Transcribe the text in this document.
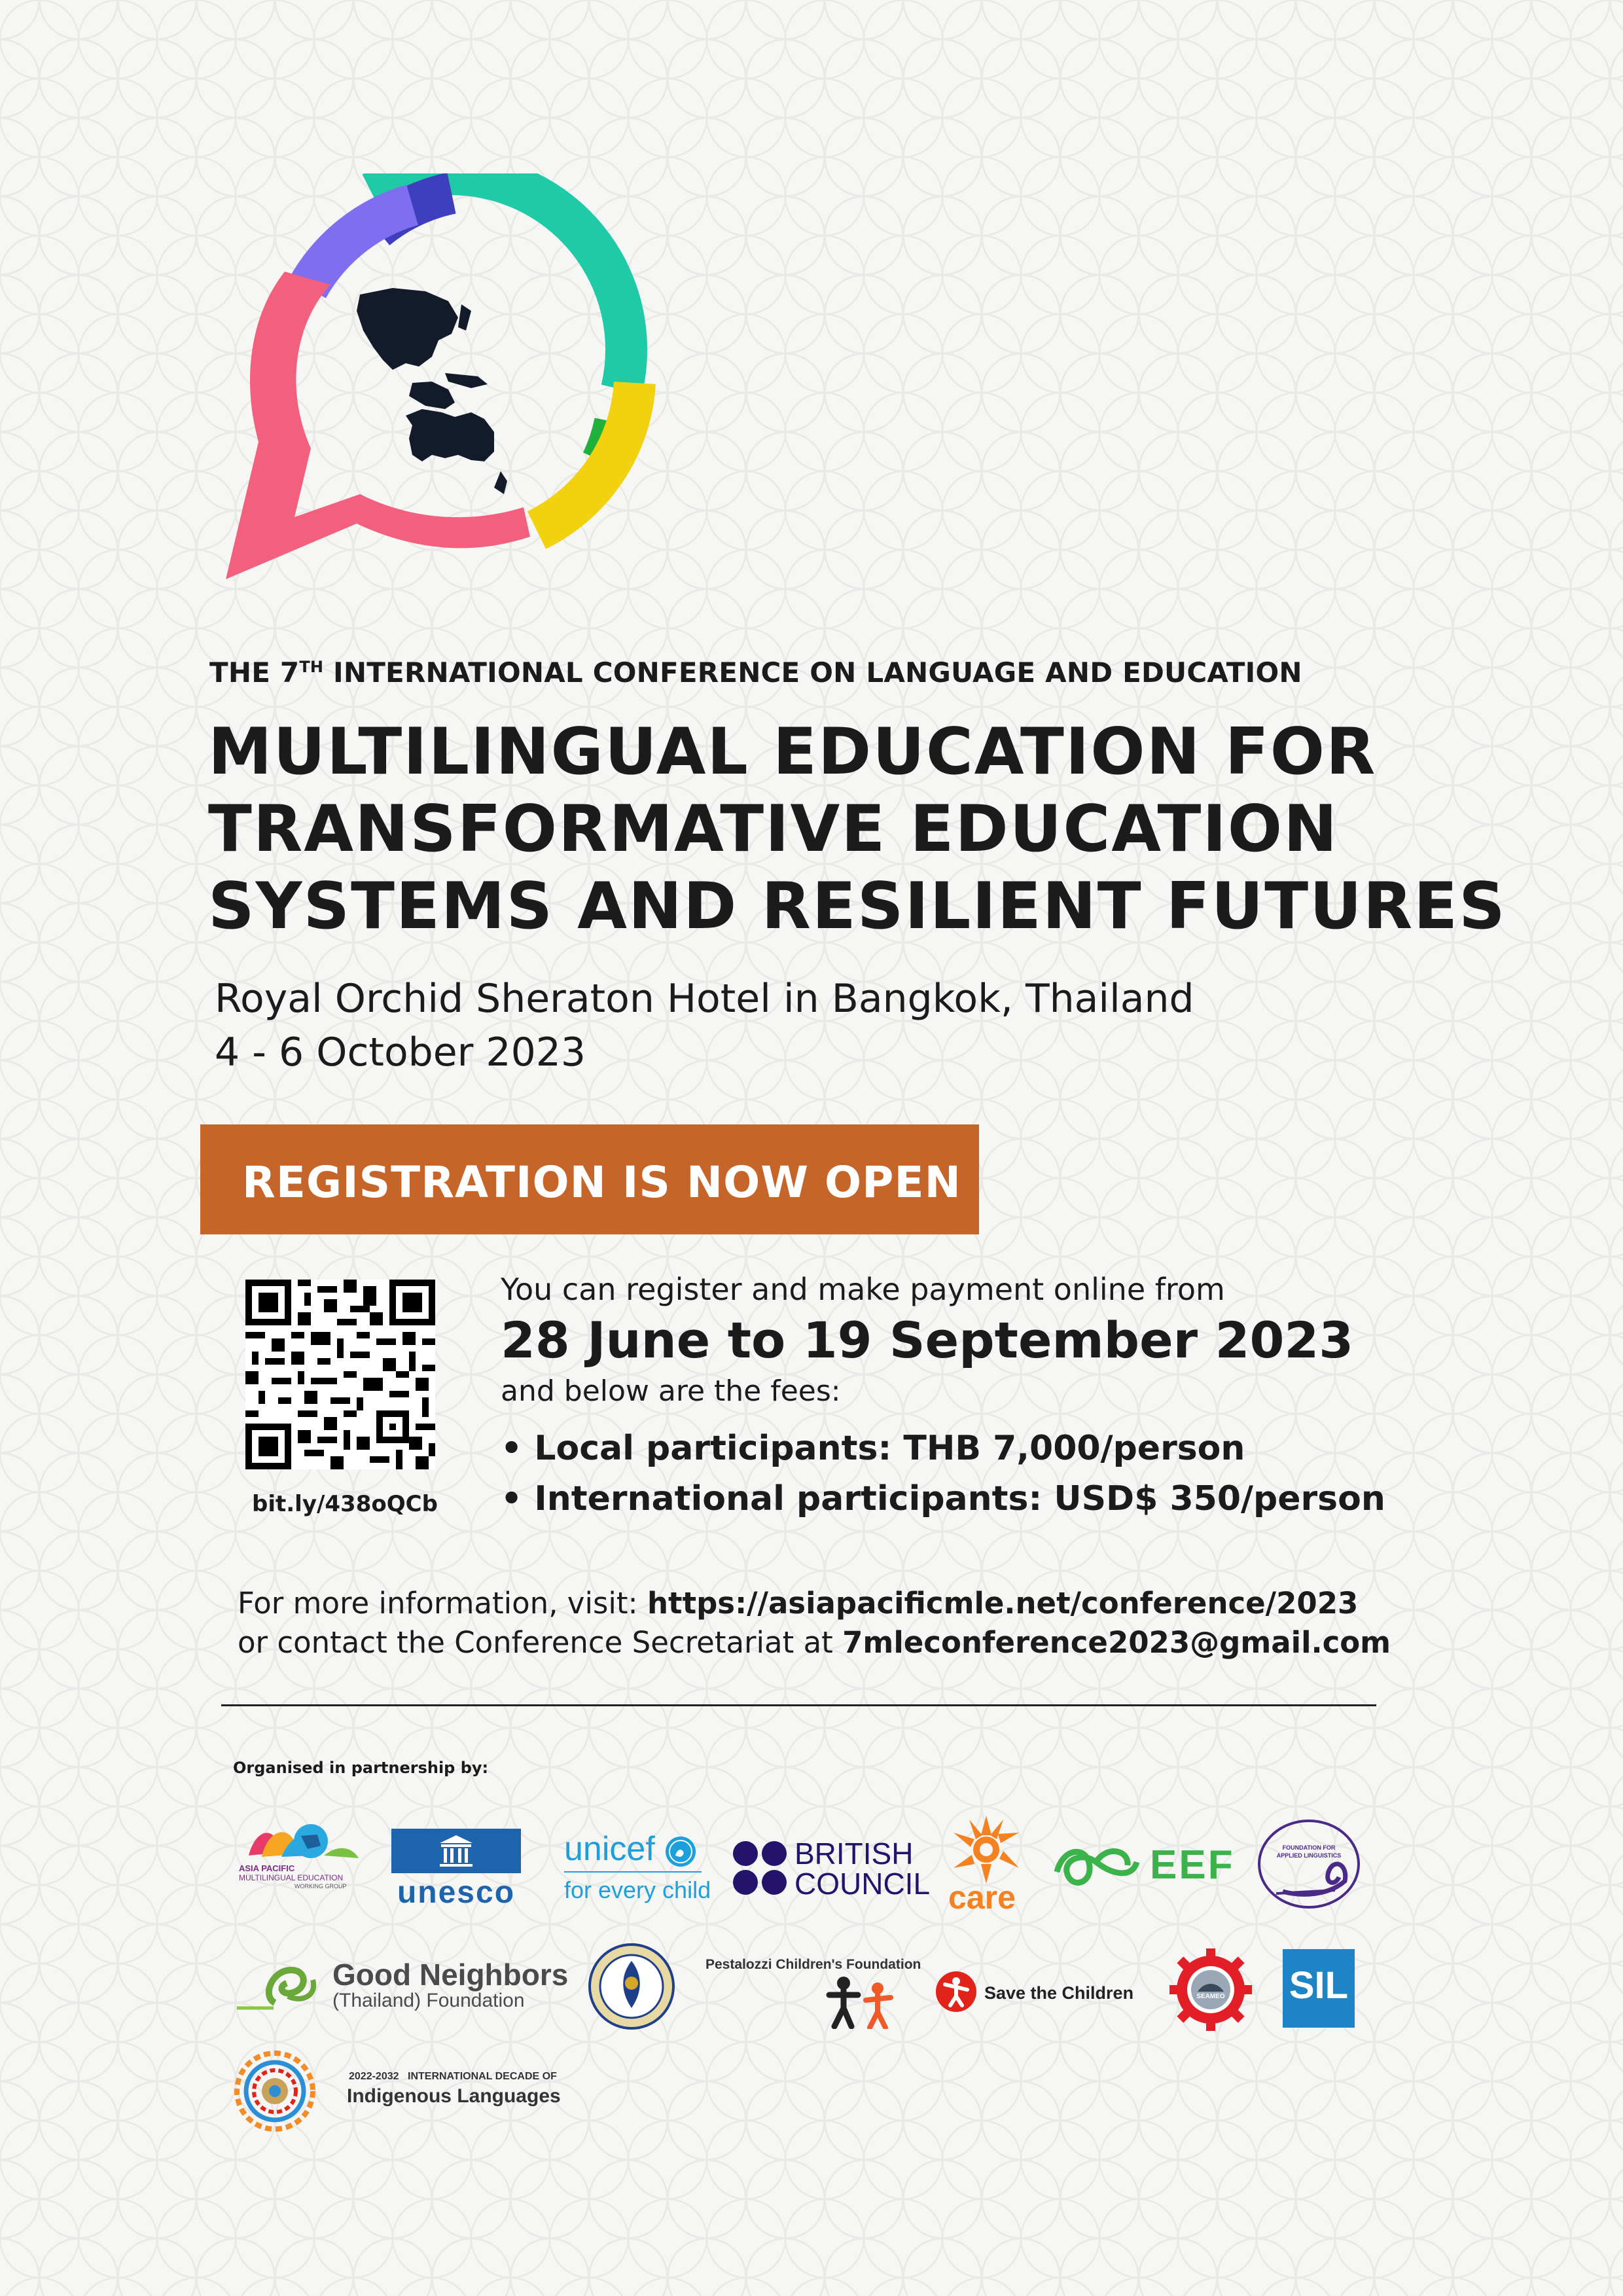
THE 7TH INTERNATIONAL CONFERENCE ON LANGUAGE AND EDUCATION
MULTILINGUAL EDUCATION FOR
TRANSFORMATIVE EDUCATION
SYSTEMS AND RESILIENT FUTURES
Royal Orchid Sheraton Hotel in Bangkok, Thailand
4 - 6 October 2023
REGISTRATION IS NOW OPEN
bit.ly/438oQCb
You can register and make payment online from
28 June to 19 September 2023
and below are the fees:
• Local participants: THB 7,000/person
• International participants: USD$ 350/person
For more information, visit: https://asiapacificmle.net/conference/2023
or contact the Conference Secretariat at 7mleconference2023@gmail.com
Organised in partnership by:
ASIA PACIFIC
MULTILINGUAL EDUCATION
WORKING GROUP unesco
unicef
for every child
BRITISH
COUNCIL care
EEF	FOUNDATION FOR
APPLIED LINGUISTICS
Good Neighbors
(Thailand) Foundation
Pestalozzi Children's Foundation
Save the Children	SEAMEO	SIL
2022-2032 INTERNATIONAL DECADE OF
Indigenous Languages
